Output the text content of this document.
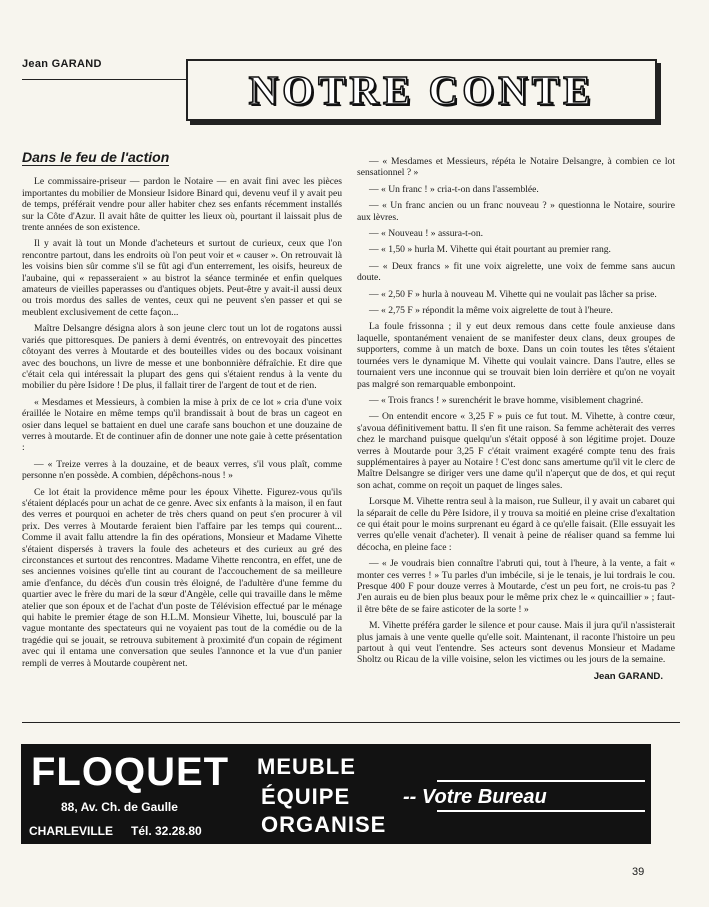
Jean GARAND
NOTRE CONTE
Dans le feu de l'action

Le commissaire-priseur — pardon le Notaire — en avait fini avec les pièces importantes du mobilier de Monsieur Isidore Binard qui, devenu veuf il y avait peu de temps, préférait vendre pour aller habiter chez ses enfants récemment installés sur la Côte d'Azur. Il avait hâte de quitter les lieux où, pourtant il laissait plus de trente années de son existence.

Il y avait là tout un Monde d'acheteurs et surtout de curieux, ceux que l'on rencontre partout, dans les endroits où l'on peut voir et « causer ». On retrouvait là les voisins bien sûr comme s'il se fût agi d'un enterrement, les oisifs, heureux de l'aubaine, qui « repasseraient » au bistrot la séance terminée et enfin quelques amateurs de vieilles paperasses ou d'antiques objets. Peut-être y avait-il aussi deux ou trois mordus des salles de ventes, ceux qui ne peuvent s'en passer et qui se meublent exclusivement de cette façon...

Maître Delsangre désigna alors à son jeune clerc tout un lot de rogatons aussi variés que pittoresques. De paniers à demi éventrés, on entrevoyait des pincettes côtoyant des verres à Moutarde et des bouteilles vides ou des bocaux voisinant avec des bouchons, un livre de messe et une bonbonnière défraîchie. Et dire que c'était cela qui intéressait la plupart des gens qui s'étaient rendus à la vente du mobilier du père Isidore ! De plus, il fallait tirer de l'argent de tout et de rien.

« Mesdames et Messieurs, à combien la mise à prix de ce lot » cria d'une voix éraillée le Notaire en même temps qu'il brandissait à bout de bras un cageot en osier dans lequel se battaient en duel une carafe sans bouchon et une douzaine de verres à moutarde. Et de continuer afin de donner une note gaie à cette présentation :

— « Treize verres à la douzaine, et de beaux verres, s'il vous plaît, comme personne n'en possède. A combien, dépêchons-nous ! »

Ce lot était la providence même pour les époux Vihette. Figurez-vous qu'ils s'étaient déplacés pour un achat de ce genre. Avec six enfants à la maison, il en faut des verres et pourquoi en acheter de très chers quand on peut s'en procurer à vil prix. Des verres à Moutarde feraient bien l'affaire par les temps qui courent... Comme il avait fallu attendre la fin des opérations, Monsieur et Madame Vihette s'étaient dispersés à travers la foule des acheteurs et des curieux au gré des circonstances et surtout des rencontres. Madame Vihette rencontra, en effet, une de ses anciennes voisines qu'elle tint au courant de l'accouchement de sa meilleure amie d'enfance, du décès d'un cousin très éloigné, de l'adultère d'une femme du quartier avec le frère du mari de la sœur d'Angèle, celle qui travaille dans le même atelier que son époux et de l'achat d'un poste de Télévision effectué par le ménage qui habite le premier étage de son H.L.M. Monsieur Vihette, lui, bousculé par la vague montante des spectateurs qui ne voyaient pas tout de la comédie ou de la tragédie qui se jouait, se retrouva subitement à proximité d'un copain de régiment avec qui il entama une conversation que seules l'annonce et la vue d'un panier rempli de verres à Moutarde coupèrent net.

— « Mesdames et Messieurs, répéta le Notaire Delsangre, à combien ce lot sensationnel ? »

— « Un franc ! » cria-t-on dans l'assemblée.

— « Un franc ancien ou un franc nouveau ? » questionna le Notaire, sourire aux lèvres.

— « Nouveau ! » assura-t-on.

— « 1,50 » hurla M. Vihette qui était pourtant au premier rang.

— « Deux francs » fit une voix aigrelette, une voix de femme sans aucun doute.

— « 2,50 F » hurla à nouveau M. Vihette qui ne voulait pas lâcher sa prise.

— « 2,75 F » répondit la même voix aigrelette de tout à l'heure.

La foule frissonna ; il y eut deux remous dans cette foule anxieuse dans laquelle, spontanément venaient de se manifester deux clans, deux groupes de supporters, comme à un match de boxe. Dans un coin toutes les têtes s'étaient tournées vers le dynamique M. Vihette qui voulait vaincre. Dans l'autre, elles se tournaient vers une inconnue qui se trouvait bien loin derrière et qu'on ne voyait pas malgré son remarquable embonpoint.

— « Trois francs ! » surenchérit le brave homme, visiblement chagriné.

— On entendit encore « 3,25 F » puis ce fut tout. M. Vihette, à contre cœur, s'avoua définitivement battu. Il s'en fit une raison. Sa femme achèterait des verres chez le marchand puisque quelqu'un s'était opposé à son légitime projet. Douze verres à Moutarde pour 3,25 F c'était vraiment exagéré compte tenu des frais supplémentaires à payer au Notaire ! C'est donc sans amertume qu'il vit le clerc de Maître Delsangre se diriger vers une dame qu'il n'aperçut que de dos, et qui reçut son achat, comme on reçoit un paquet de linges sales.

Lorsque M. Vihette rentra seul à la maison, rue Sulleur, il y avait un cabaret qui la séparait de celle du Père Isidore, il y trouva sa moitié en pleine crise d'exaltation ce qui était pour le moins surprenant eu égard à ce qu'elle faisait. (Elle essuyait les verres qu'elle venait d'acheter). Il venait à peine de réaliser quand sa femme lui décocha, en pleine face :

— « Je voudrais bien connaître l'abruti qui, tout à l'heure, à la vente, a fait « monter ces verres ! » Tu parles d'un imbécile, si je le tenais, je lui tordrais le cou. Presque 400 F pour douze verres à Moutarde, c'est un peu fort, ne crois-tu pas ? J'en aurais eu de bien plus beaux pour le même prix chez le « quincaillier » ; faut-il être bête de se faire asticoter de la sorte ! »

M. Vihette préféra garder le silence et pour cause. Mais il jura qu'il n'assisterait plus jamais à une vente quelle qu'elle soit. Maintenant, il raconte l'histoire un peu partout à qui veut l'entendre. Ses acteurs sont devenus Monsieur et Madame Sholtz ou Ricau de la ville voisine, selon les victimes ou les jours de la semaine.

Jean GARAND.
FLOQUET
88, Av. Ch. de Gaulle
CHARLEVILLE Tél. 32.28.80
MEUBLE
ÉQUIPE
ORGANISE
-- Votre Bureau
39
